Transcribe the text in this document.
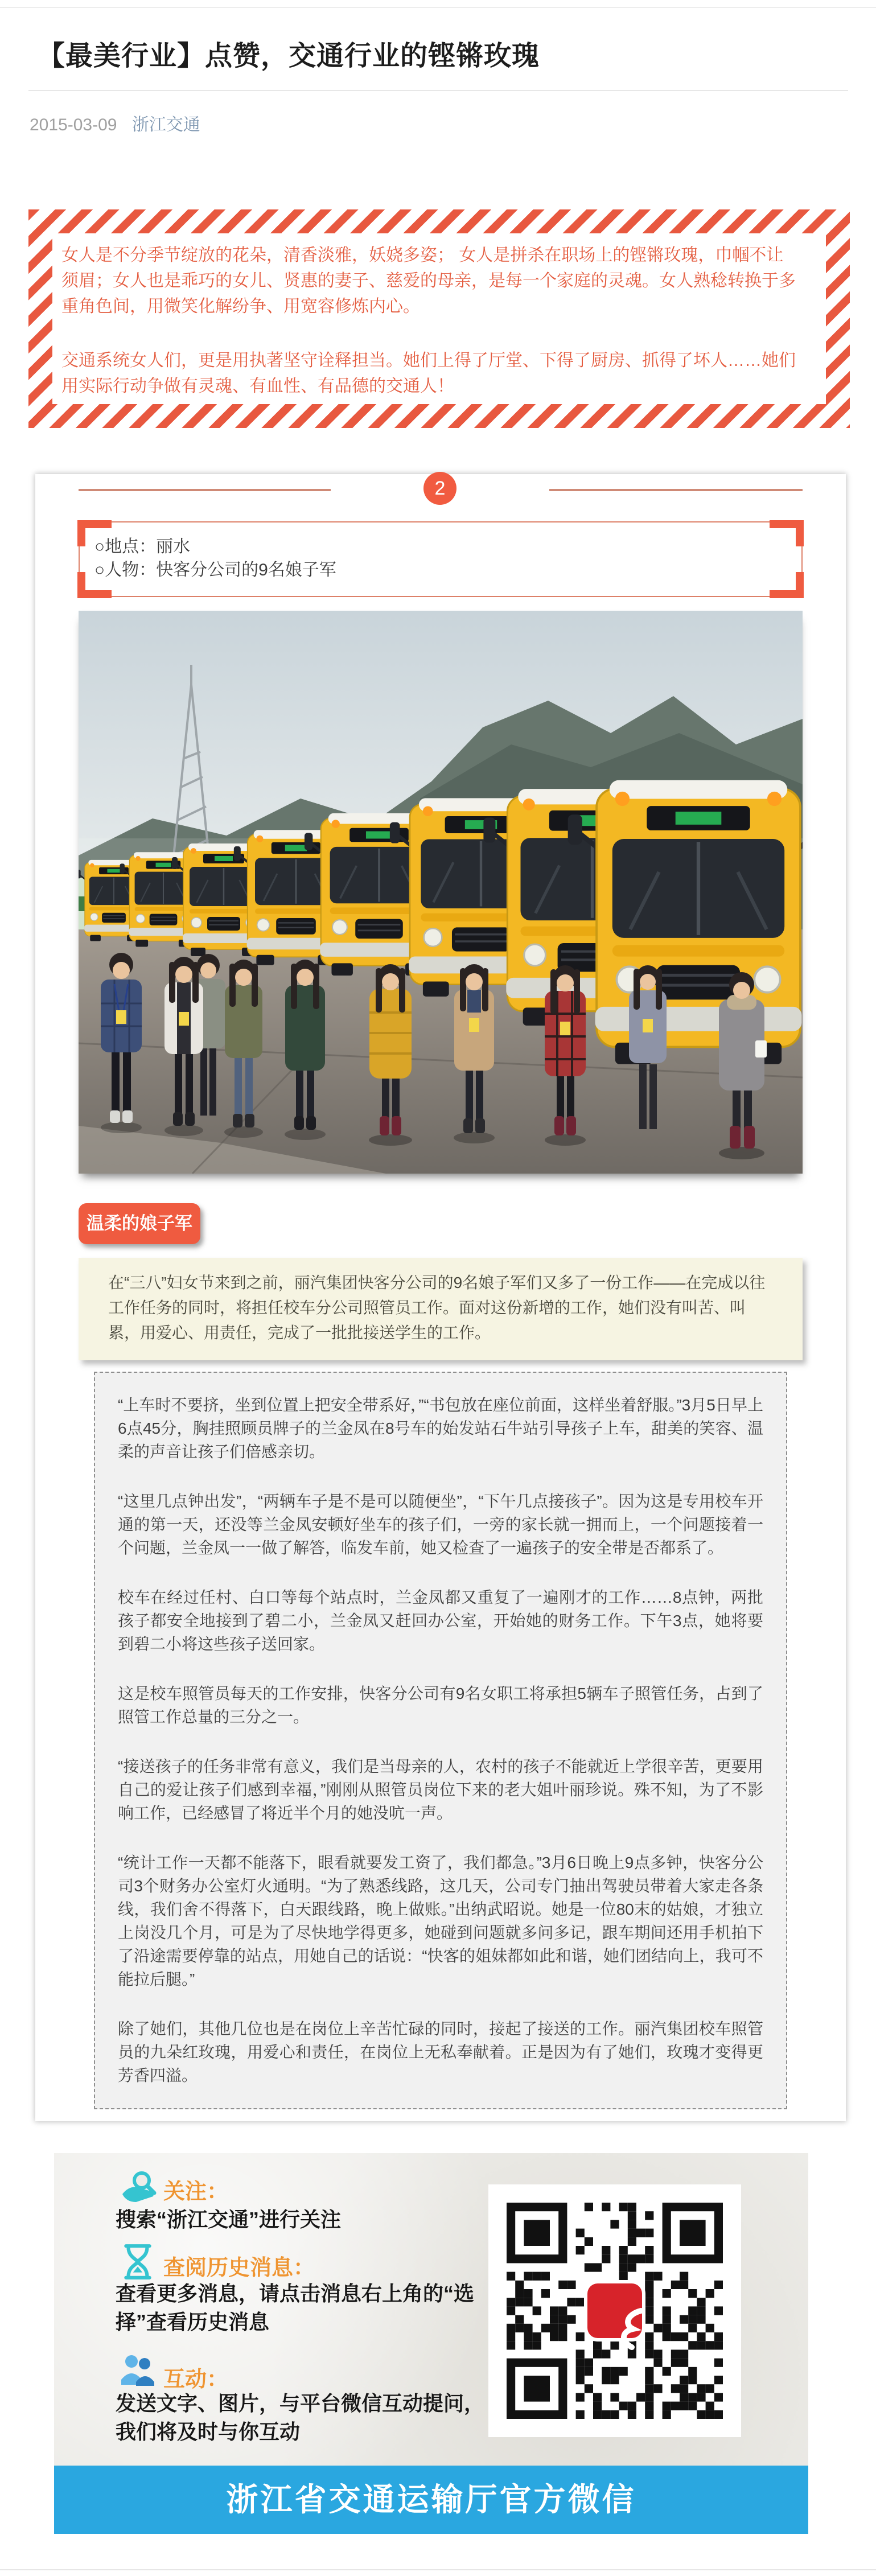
【最美行业】点赞，交通行业的铿锵玫瑰
2015-03-09 浙江交通

女人是不分季节绽放的花朵，清香淡雅，妖娆多姿； 女人是拼杀在职场上的铿锵玫瑰，巾帼不让须眉；女人也是乖巧的女儿、贤惠的妻子、慈爱的母亲，是每一个家庭的灵魂。女人熟稔转换于多重角色间，用微笑化解纷争、用宽容修炼内心。

交通系统女人们，更是用执著坚守诠释担当。她们上得了厅堂、下得了厨房、抓得了坏人……她们用实际行动争做有灵魂、有血性、有品德的交通人！

2

○地点：丽水

○人物：快客分公司的9名娘子军

温柔的娘子军

在“三八”妇女节来到之前，丽汽集团快客分公司的9名娘子军们又多了一份工作——在完成以往工作任务的同时，将担任校车分公司照管员工作。面对这份新增的工作，她们没有叫苦、叫累，用爱心、用责任，完成了一批批接送学生的工作。

“上车时不要挤，坐到位置上把安全带系好，”“书包放在座位前面，这样坐着舒服。”3月5日早上6点45分，胸挂照顾员牌子的兰金凤在8号车的始发站石牛站引导孩子上车，甜美的笑容、温柔的声音让孩子们倍感亲切。

“这里几点钟出发”，“两辆车子是不是可以随便坐”，“下午几点接孩子”。因为这是专用校车开通的第一天，还没等兰金凤安顿好坐车的孩子们，一旁的家长就一拥而上，一个问题接着一个问题，兰金凤一一做了解答，临发车前，她又检查了一遍孩子的安全带是否都系了。

校车在经过任村、白口等每个站点时，兰金凤都又重复了一遍刚才的工作……8点钟，两批孩子都安全地接到了碧二小，兰金凤又赶回办公室，开始她的财务工作。下午3点，她将要到碧二小将这些孩子送回家。

这是校车照管员每天的工作安排，快客分公司有9名女职工将承担5辆车子照管任务，占到了照管工作总量的三分之一。

“接送孩子的任务非常有意义，我们是当母亲的人，农村的孩子不能就近上学很辛苦，更要用自己的爱让孩子们感到幸福，”刚刚从照管员岗位下来的老大姐叶丽珍说。殊不知，为了不影响工作，已经感冒了将近半个月的她没吭一声。

“统计工作一天都不能落下，眼看就要发工资了，我们都急。”3月6日晚上9点多钟，快客分公司3个财务办公室灯火通明。“为了熟悉线路，这几天，公司专门抽出驾驶员带着大家走各条线，我们舍不得落下，白天跟线路，晚上做账。”出纳武昭说。她是一位80末的姑娘，才独立上岗没几个月，可是为了尽快地学得更多，她碰到问题就多问多记，跟车期间还用手机拍下了沿途需要停靠的站点，用她自己的话说：“快客的姐妹都如此和谐，她们团结向上，我可不能拉后腿。”

除了她们，其他几位也是在岗位上辛苦忙碌的同时，接起了接送的工作。丽汽集团校车照管员的九朵红玫瑰，用爱心和责任，在岗位上无私奉献着。正是因为有了她们，玫瑰才变得更芳香四溢。

关注：
搜索“浙江交通”进行关注
查阅历史消息：
查看更多消息，请点击消息右上角的“选择”查看历史消息
互动：
发送文字、图片，与平台微信互动提问，我们将及时与你互动
浙江省交通运输厅官方微信
